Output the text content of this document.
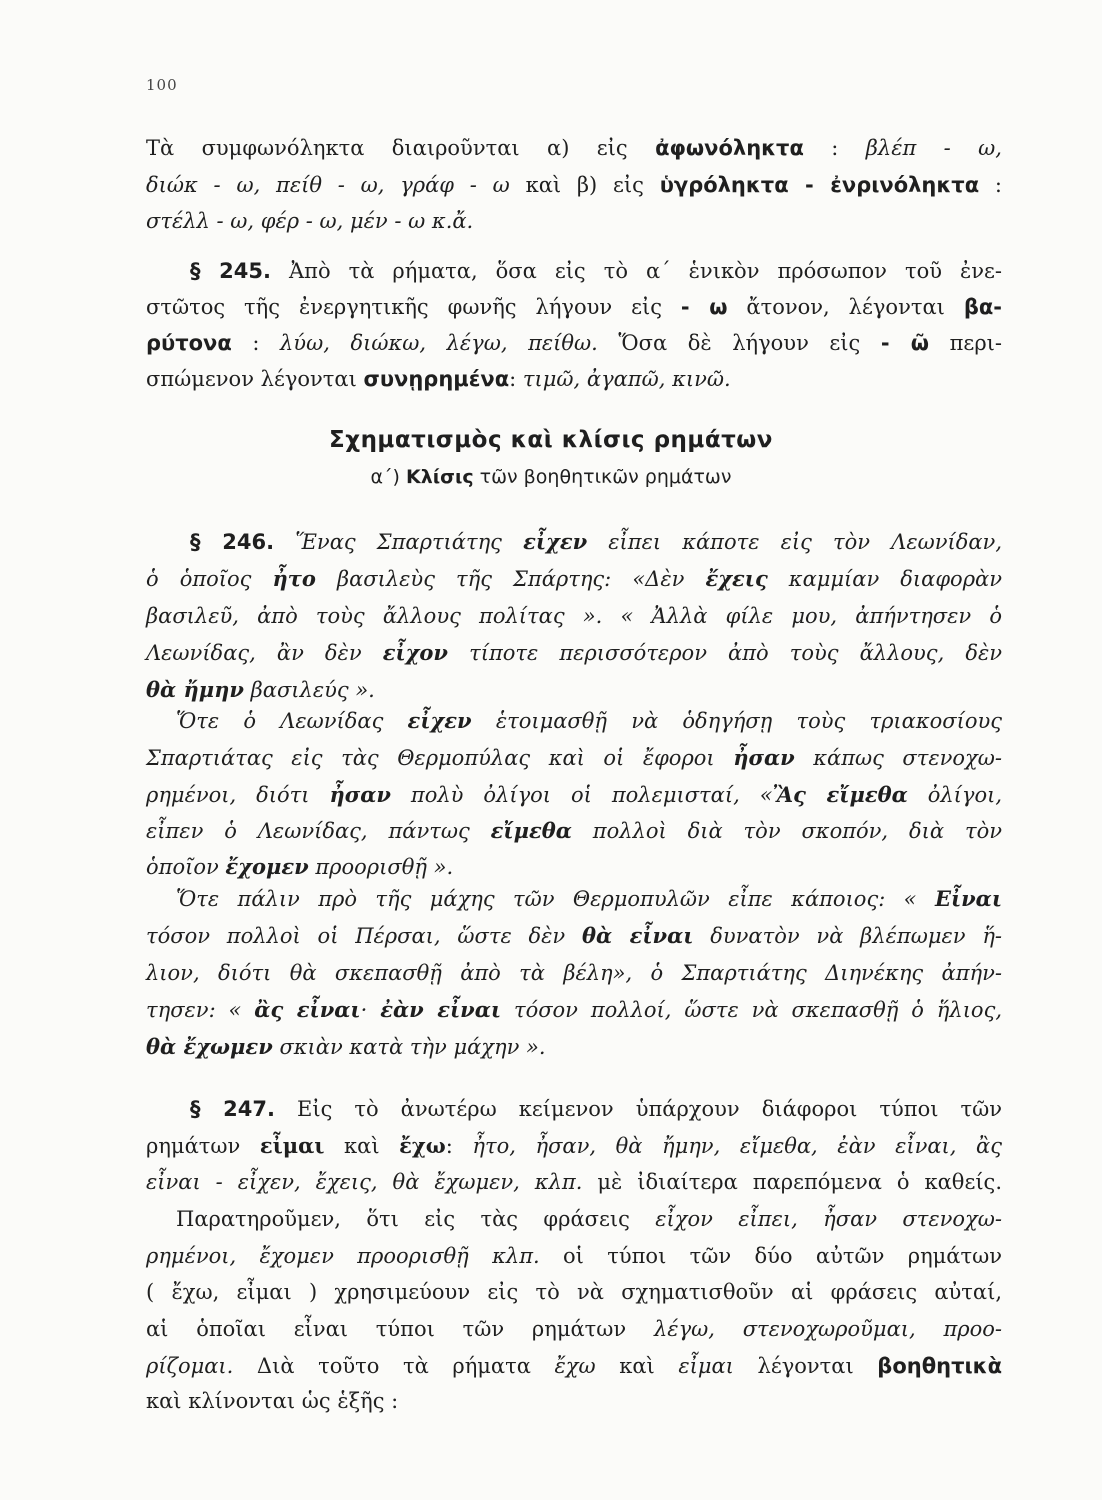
100
Τὰ συμφωνόληκτα διαιροῦνται α) εἰς ἀφωνόληκτα : βλέπ - ω,
διώκ - ω, πείθ - ω, γράφ - ω καὶ β) εἰς ὑγρόληκτα - ἐνρινόληκτα :
στέλλ - ω, φέρ - ω, μέν - ω κ.ἄ.
§ 245. Ἀπὸ τὰ ρήματα, ὅσα εἰς τὸ α΄ ἑνικὸν πρόσωπον τοῦ ἐνε-
στῶτος τῆς ἐνεργητικῆς φωνῆς λήγουν εἰς - ω ἄτονον, λέγονται βα-
ρύτονα : λύω, διώκω, λέγω, πείθω. Ὅσα δὲ λήγουν εἰς - ῶ περι-
σπώμενον λέγονται συνῃρημένα: τιμῶ, ἀγαπῶ, κινῶ.
Σχηματισμὸς καὶ κλίσις ρημάτων
α΄) Κλίσις τῶν βοηθητικῶν ρημάτων
§ 246. Ἕνας Σπαρτιάτης εἶχεν εἶπει κάποτε εἰς τὸν Λεωνίδαν,
ὁ ὁποῖος ἦτο βασιλεὺς τῆς Σπάρτης: «Δὲν ἔχεις καμμίαν διαφορὰν
βασιλεῦ, ἀπὸ τοὺς ἄλλους πολίτας ». « Ἀλλὰ φίλε μου, ἀπήντησεν ὁ
Λεωνίδας, ἂν δὲν εἶχον τίποτε περισσότερον ἀπὸ τοὺς ἄλλους, δὲν
θὰ ἤμην βασιλεύς ».
Ὅτε ὁ Λεωνίδας εἶχεν ἑτοιμασθῇ νὰ ὁδηγήσῃ τοὺς τριακοσίους
Σπαρτιάτας εἰς τὰς Θερμοπύλας καὶ οἱ ἔφοροι ἦσαν κάπως στενοχω-
ρημένοι, διότι ἦσαν πολὺ ὀλίγοι οἱ πολεμισταί, «Ἂς εἴμεθα ὀλίγοι,
εἶπεν ὁ Λεωνίδας, πάντως εἴμεθα πολλοὶ διὰ τὸν σκοπόν, διὰ τὸν
ὁποῖον ἔχομεν προορισθῇ ».
Ὅτε πάλιν πρὸ τῆς μάχης τῶν Θερμοπυλῶν εἶπε κάποιος: « Εἶναι
τόσον πολλοὶ οἱ Πέρσαι, ὥστε δὲν θὰ εἶναι δυνατὸν νὰ βλέπωμεν ἥ-
λιον, διότι θὰ σκεπασθῇ ἀπὸ τὰ βέλη», ὁ Σπαρτιάτης Διηνέκης ἀπήν-
τησεν: « ἂς εἶναι· ἐὰν εἶναι τόσον πολλοί, ὥστε νὰ σκεπασθῇ ὁ ἥλιος,
θὰ ἔχωμεν σκιὰν κατὰ τὴν μάχην ».
§ 247. Εἰς τὸ ἀνωτέρω κείμενον ὑπάρχουν διάφοροι τύποι τῶν
ρημάτων εἶμαι καὶ ἔχω: ἦτο, ἦσαν, θὰ ἤμην, εἴμεθα, ἐὰν εἶναι, ἂς
εἶναι - εἶχεν, ἔχεις, θὰ ἔχωμεν, κλπ. μὲ ἰδιαίτερα παρεπόμενα ὁ καθείς.
Παρατηροῦμεν, ὅτι εἰς τὰς φράσεις εἶχον εἶπει, ἦσαν στενοχω-
ρημένοι, ἔχομεν προορισθῇ κλπ. οἱ τύποι τῶν δύο αὐτῶν ρημάτων
( ἔχω, εἶμαι ) χρησιμεύουν εἰς τὸ νὰ σχηματισθοῦν αἱ φράσεις αὐταί,
αἱ ὁποῖαι εἶναι τύποι τῶν ρημάτων λέγω, στενοχωροῦμαι, προο-
ρίζομαι. Διὰ τοῦτο τὰ ρήματα ἔχω καὶ εἶμαι λέγονται βοηθητικὰ
καὶ κλίνονται ὡς ἑξῆς :
